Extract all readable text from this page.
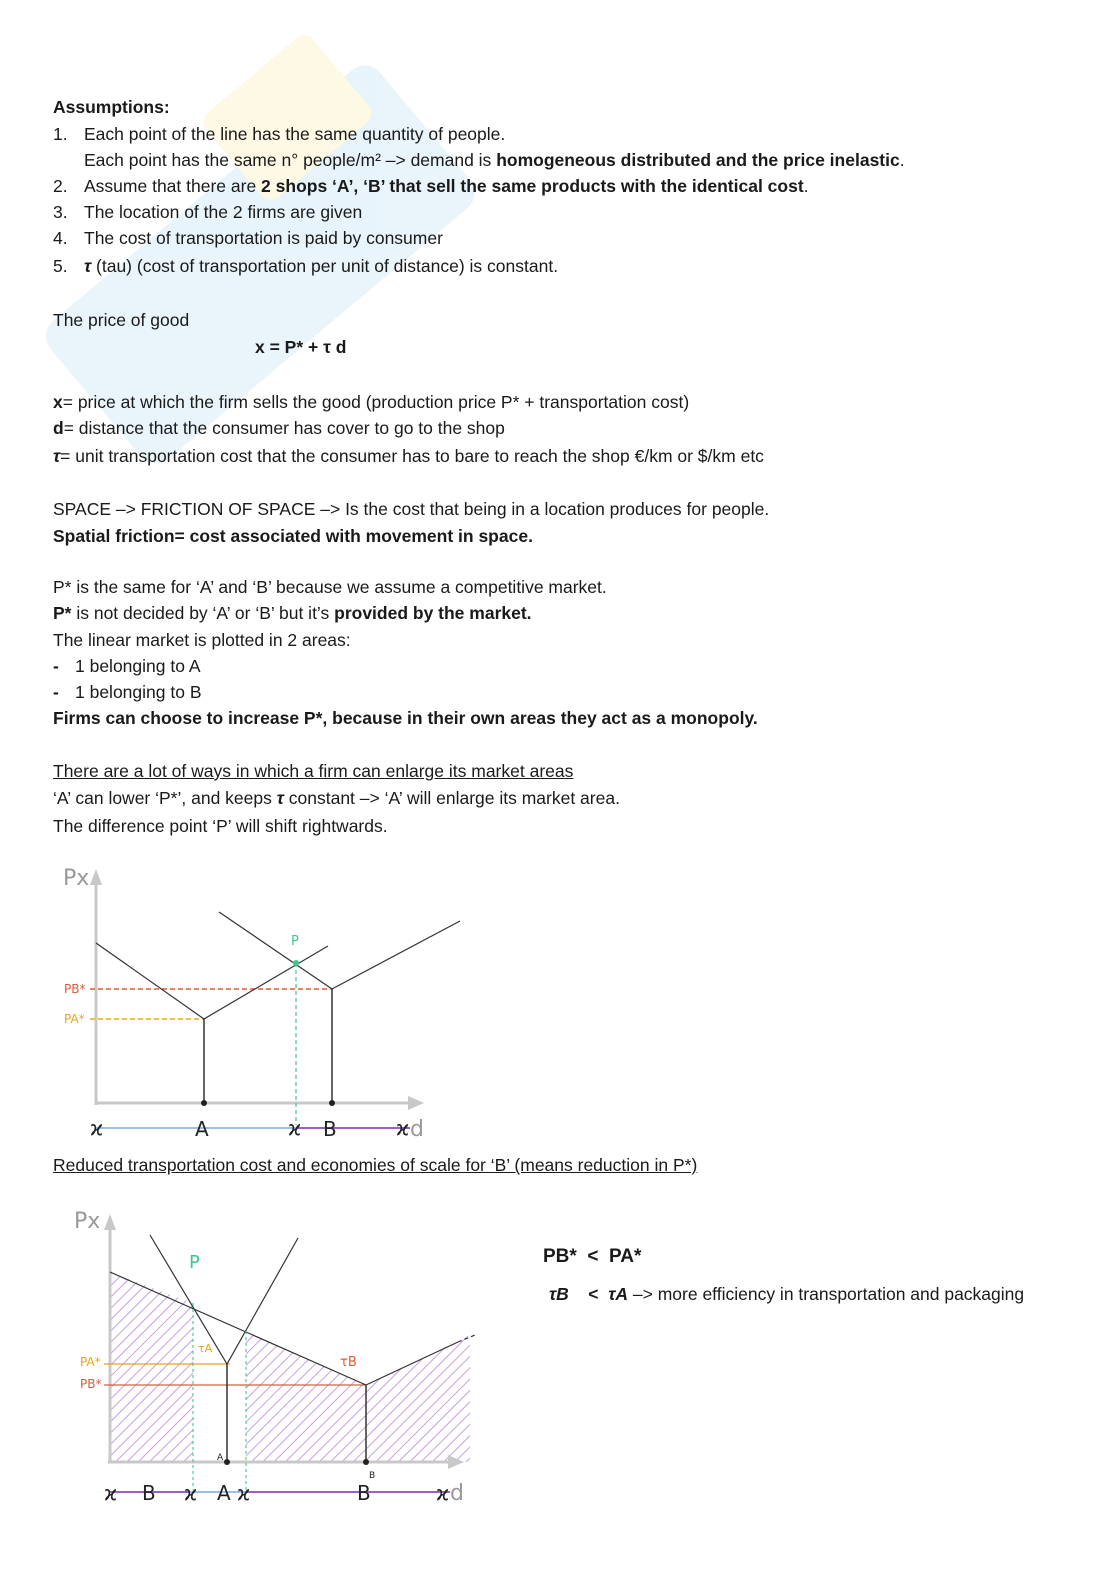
Assumptions:
1. Each point of the line has the same quantity of people.
Each point has the same n° people/m² –> demand is homogeneous distributed and the price inelastic.
2. Assume that there are 2 shops ‘A’, ‘B’ that sell the same products with the identical cost.
3. The location of the 2 firms are given
4. The cost of transportation is paid by consumer
5. τ (tau) (cost of transportation per unit of distance) is constant.
The price of good
x = P* + τ d
x= price at which the firm sells the good (production price P* + transportation cost)
d= distance that the consumer has cover to go to the shop
τ= unit transportation cost that the consumer has to bare to reach the shop €/km or $/km etc
SPACE –> FRICTION OF SPACE –> Is the cost that being in a location produces for people.
Spatial friction= cost associated with movement in space.
P* is the same for ‘A’ and ‘B’ because we assume a competitive market.
P* is not decided by ‘A’ or ‘B’ but it’s provided by the market.
The linear market is plotted in 2 areas:
- 1 belonging to A
- 1 belonging to B
Firms can choose to increase P*, because in their own areas they act as a monopoly.
There are a lot of ways in which a firm can enlarge its market areas
‘A’ can lower ‘P*’, and keeps τ constant –> ‘A’ will enlarge its market area.
The difference point ‘P’ will shift rightwards.
Px
PB*
PA*
P
ϰ	ϰ	ϰ
A	B	d
Reduced transportation cost and economies of scale for ‘B’ (means reduction in P*)
Px
PA*
PB*
P
τA
τB
A
B
ϰ	ϰ ϰ	ϰ
B	A	B	d
PB* < PA*
τB < τA –> more efficiency in transportation and packaging
